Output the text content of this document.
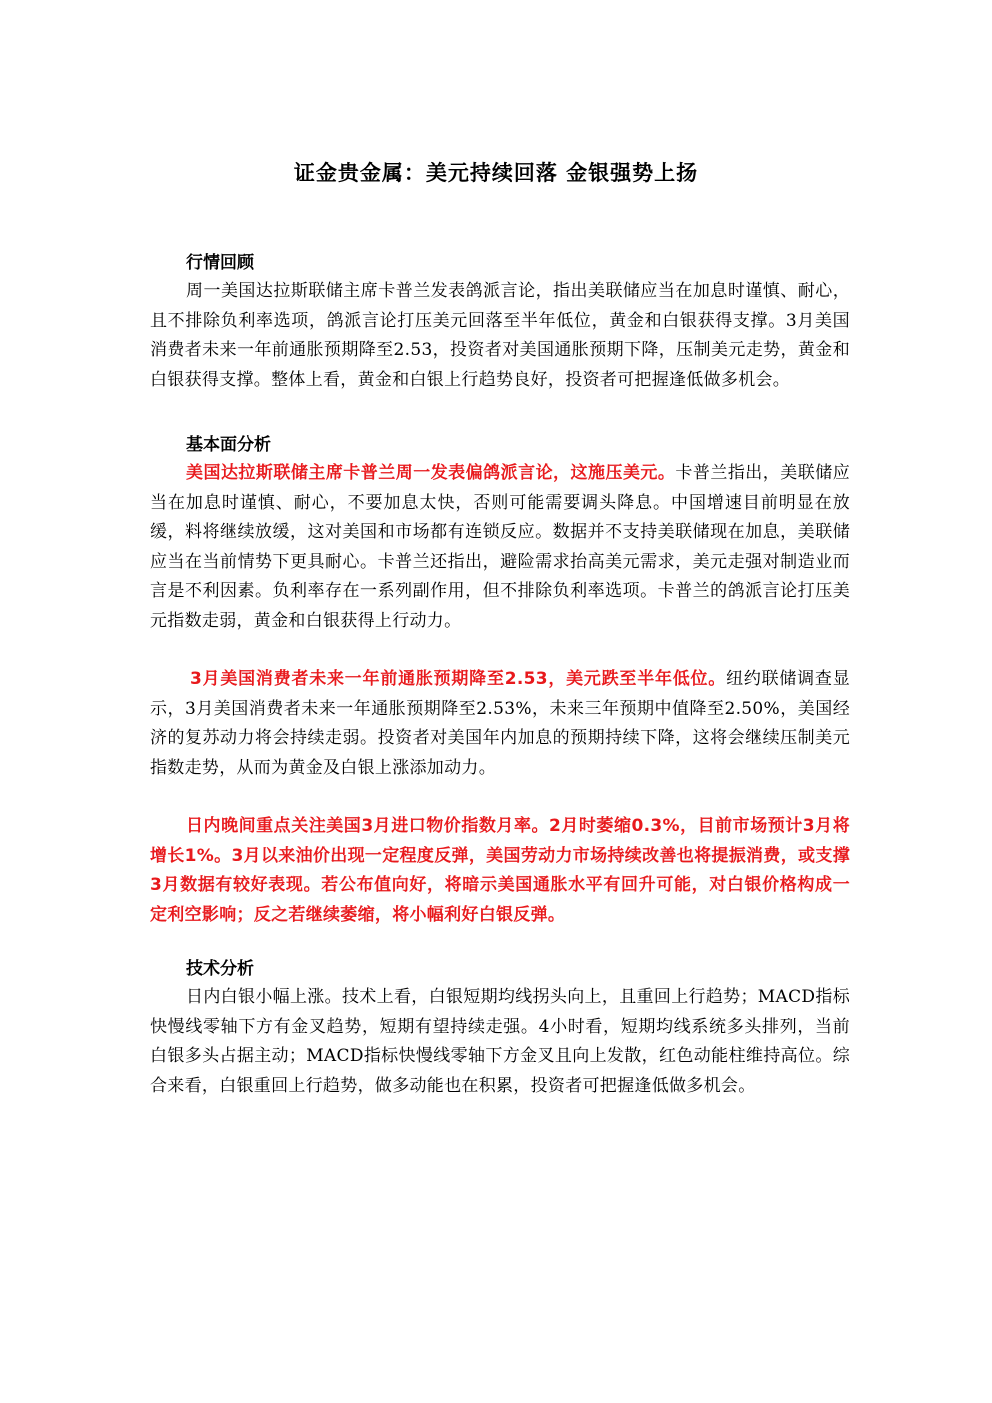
证金贵金属：美元持续回落 金银强势上扬
行情回顾

周一美国达拉斯联储主席卡普兰发表鸽派言论，指出美联储应当在加息时谨慎、耐心，且不排除负利率选项，鸽派言论打压美元回落至半年低位，黄金和白银获得支撑。3月美国消费者未来一年前通胀预期降至2.53，投资者对美国通胀预期下降，压制美元走势，黄金和白银获得支撑。整体上看，黄金和白银上行趋势良好，投资者可把握逢低做多机会。

基本面分析

美国达拉斯联储主席卡普兰周一发表偏鸽派言论，这施压美元。卡普兰指出，美联储应当在加息时谨慎、耐心，不要加息太快，否则可能需要调头降息。中国增速目前明显在放缓，料将继续放缓，这对美国和市场都有连锁反应。数据并不支持美联储现在加息，美联储应当在当前情势下更具耐心。卡普兰还指出，避险需求抬高美元需求，美元走强对制造业而言是不利因素。负利率存在一系列副作用，但不排除负利率选项。卡普兰的鸽派言论打压美元指数走弱，黄金和白银获得上行动力。

3月美国消费者未来一年前通胀预期降至2.53，美元跌至半年低位。纽约联储调查显示，3月美国消费者未来一年通胀预期降至2.53%，未来三年预期中值降至2.50%，美国经济的复苏动力将会持续走弱。投资者对美国年内加息的预期持续下降，这将会继续压制美元指数走势，从而为黄金及白银上涨添加动力。

日内晚间重点关注美国3月进口物价指数月率。2月时萎缩0.3%，目前市场预计3月将增长1%。3月以来油价出现一定程度反弹，美国劳动力市场持续改善也将提振消费，或支撑3月数据有较好表现。若公布值向好，将暗示美国通胀水平有回升可能，对白银价格构成一定利空影响；反之若继续萎缩，将小幅利好白银反弹。

技术分析

日内白银小幅上涨。技术上看，白银短期均线拐头向上，且重回上行趋势；MACD指标快慢线零轴下方有金叉趋势，短期有望持续走强。4小时看，短期均线系统多头排列，当前白银多头占据主动；MACD指标快慢线零轴下方金叉且向上发散，红色动能柱维持高位。综合来看，白银重回上行趋势，做多动能也在积累，投资者可把握逢低做多机会。
